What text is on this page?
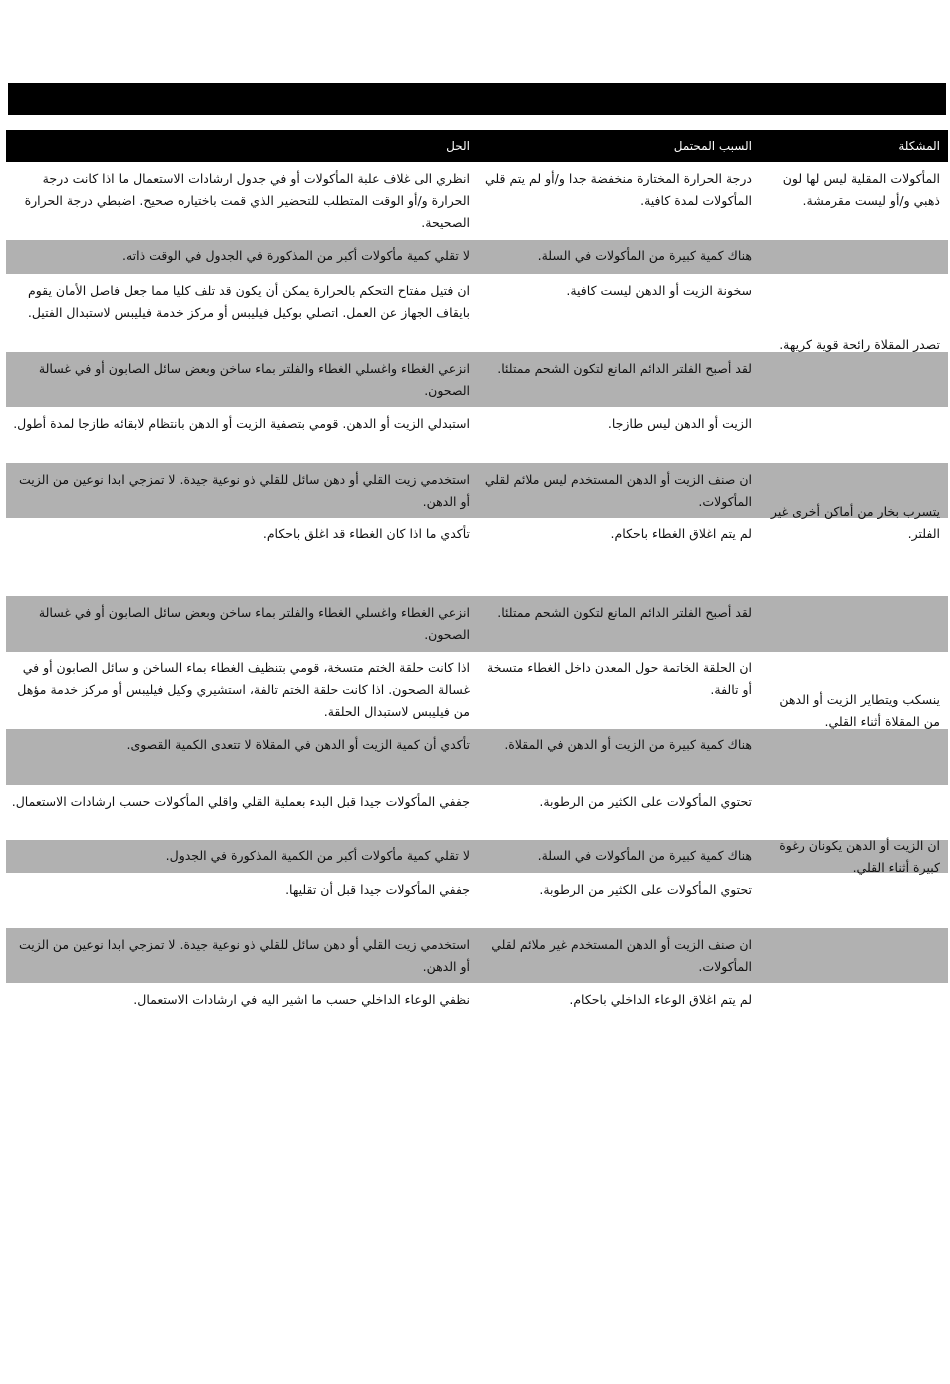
المشكلة
السبب المحتمل
الحل
درجة الحرارة المختارة منخفضة جدا و/أو لم يتم قلي المأكولات لمدة كافية.
انظري الى غلاف علبة المأكولات أو في جدول ارشادات الاستعمال ما اذا كانت درجة الحرارة و/أو الوقت المتطلب للتحضير الذي قمت باختياره صحيح. اضبطي درجة الحرارة الصحيحة.
هناك كمية كبيرة من المأكولات في السلة.
لا تقلي كمية مأكولات أكبر من المذكورة في الجدول في الوقت ذاته.
سخونة الزيت أو الدهن ليست كافية.
ان فتيل مفتاح التحكم بالحرارة يمكن أن يكون قد تلف كليا مما جعل فاصل الأمان يقوم بايقاف الجهاز عن العمل. اتصلي بوكيل فيليبس أو مركز خدمة فيليبس لاستبدال الفتيل.
لقد أصبح الفلتر الدائم المانع لتكون الشحم ممتلئا.
انزعي الغطاء واغسلي الغطاء والفلتر بماء ساخن وبعض سائل الصابون أو في غسالة الصحون.
الزيت أو الدهن ليس طازجا.
استبدلي الزيت أو الدهن. قومي بتصفية الزيت أو الدهن بانتظام لابقائه طازجا لمدة أطول.
ان صنف الزيت أو الدهن المستخدم ليس ملائم لقلي المأكولات.
استخدمي زيت القلي أو دهن سائل للقلي ذو نوعية جيدة. لا تمزجي ابدا نوعين من الزيت أو الدهن.
لم يتم اغلاق الغطاء باحكام.
تأكدي ما اذا كان الغطاء قد اغلق باحكام.
لقد أصبح الفلتر الدائم المانع لتكون الشحم ممتلئا.
انزعي الغطاء واغسلي الغطاء والفلتر بماء ساخن وبعض سائل الصابون أو في غسالة الصحون.
ان الحلقة الخاتمة حول المعدن داخل الغطاء متسخة أو تالفة.
اذا كانت حلقة الختم متسخة، قومي بتنظيف الغطاء بماء الساخن و سائل الصابون أو في غسالة الصحون. اذا كانت حلقة الختم تالفة، استشيري وكيل فيليبس أو مركز خدمة مؤهل من فيليبس لاستبدال الحلقة.
هناك كمية كبيرة من الزيت أو الدهن في المقلاة.
تأكدي أن كمية الزيت أو الدهن في المقلاة لا تتعدى الكمية القصوى.
تحتوي المأكولات على الكثير من الرطوبة.
جففي المأكولات جيدا قبل البدء بعملية القلي واقلي المأكولات حسب ارشادات الاستعمال.
هناك كمية كبيرة من المأكولات في السلة.
لا تقلي كمية مأكولات أكبر من الكمية المذكورة في الجدول.
تحتوي المأكولات على الكثير من الرطوبة.
جففي المأكولات جيدا قبل أن تقليها.
ان صنف الزيت أو الدهن المستخدم غير ملائم لقلي المأكولات.
استخدمي زيت القلي أو دهن سائل للقلي ذو نوعية جيدة. لا تمزجي ابدا نوعين من الزيت أو الدهن.
لم يتم اغلاق الوعاء الداخلي باحكام.
نظفي الوعاء الداخلي حسب ما اشير اليه في ارشادات الاستعمال.
المأكولات المقلية ليس لها لون ذهبي و/أو ليست مقرمشة.
تصدر المقلاة رائحة قوية كريهة.
يتسرب بخار من أماكن أخرى غير الفلتر.
ينسكب ويتطاير الزيت أو الدهن من المقلاة أثناء القلي.
ان الزيت أو الدهن يكونان رغوة كبيرة أثناء القلي.
